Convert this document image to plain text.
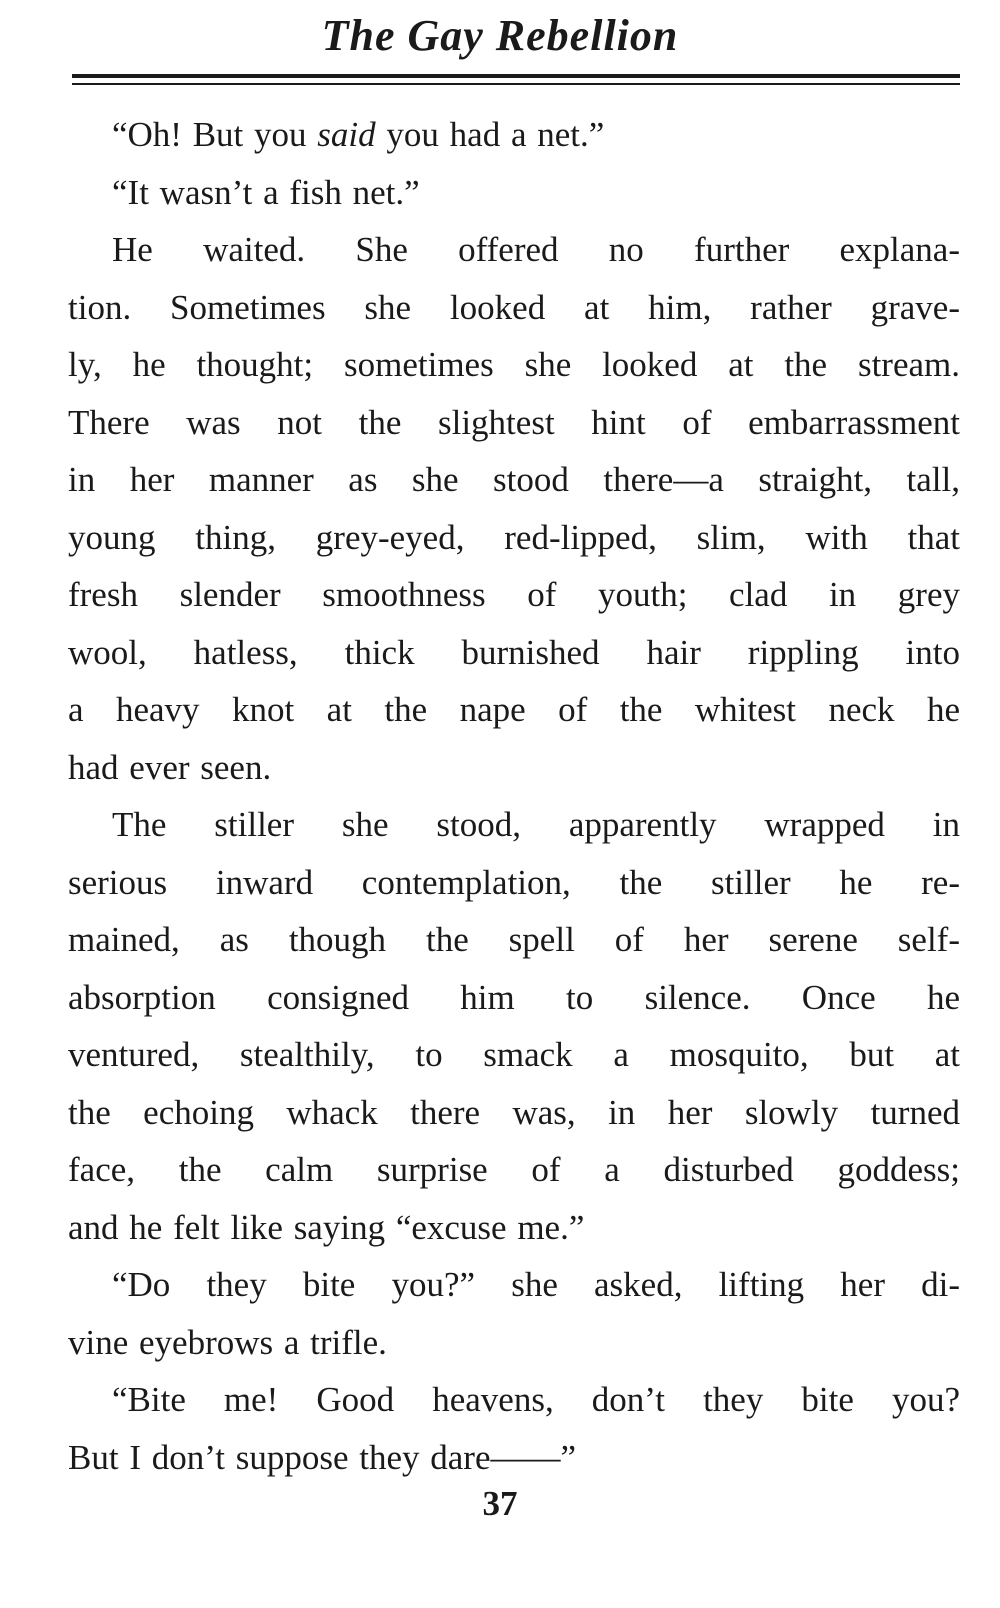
The Gay Rebellion
“Oh! But you said you had a net.”
“It wasn’t a fish net.”
He waited. She offered no further explana-
tion. Sometimes she looked at him, rather grave-
ly, he thought; sometimes she looked at the stream.
There was not the slightest hint of embarrassment
in her manner as she stood there—a straight, tall,
young thing, grey-eyed, red-lipped, slim, with that
fresh slender smoothness of youth; clad in grey
wool, hatless, thick burnished hair rippling into
a heavy knot at the nape of the whitest neck he
had ever seen.
The stiller she stood, apparently wrapped in
serious inward contemplation, the stiller he re-
mained, as though the spell of her serene self-
absorption consigned him to silence. Once he
ventured, stealthily, to smack a mosquito, but at
the echoing whack there was, in her slowly turned
face, the calm surprise of a disturbed goddess;
and he felt like saying “excuse me.”
“Do they bite you?” she asked, lifting her di-
vine eyebrows a trifle.
“Bite me! Good heavens, don’t they bite you?
But I don’t suppose they dare——”
37
